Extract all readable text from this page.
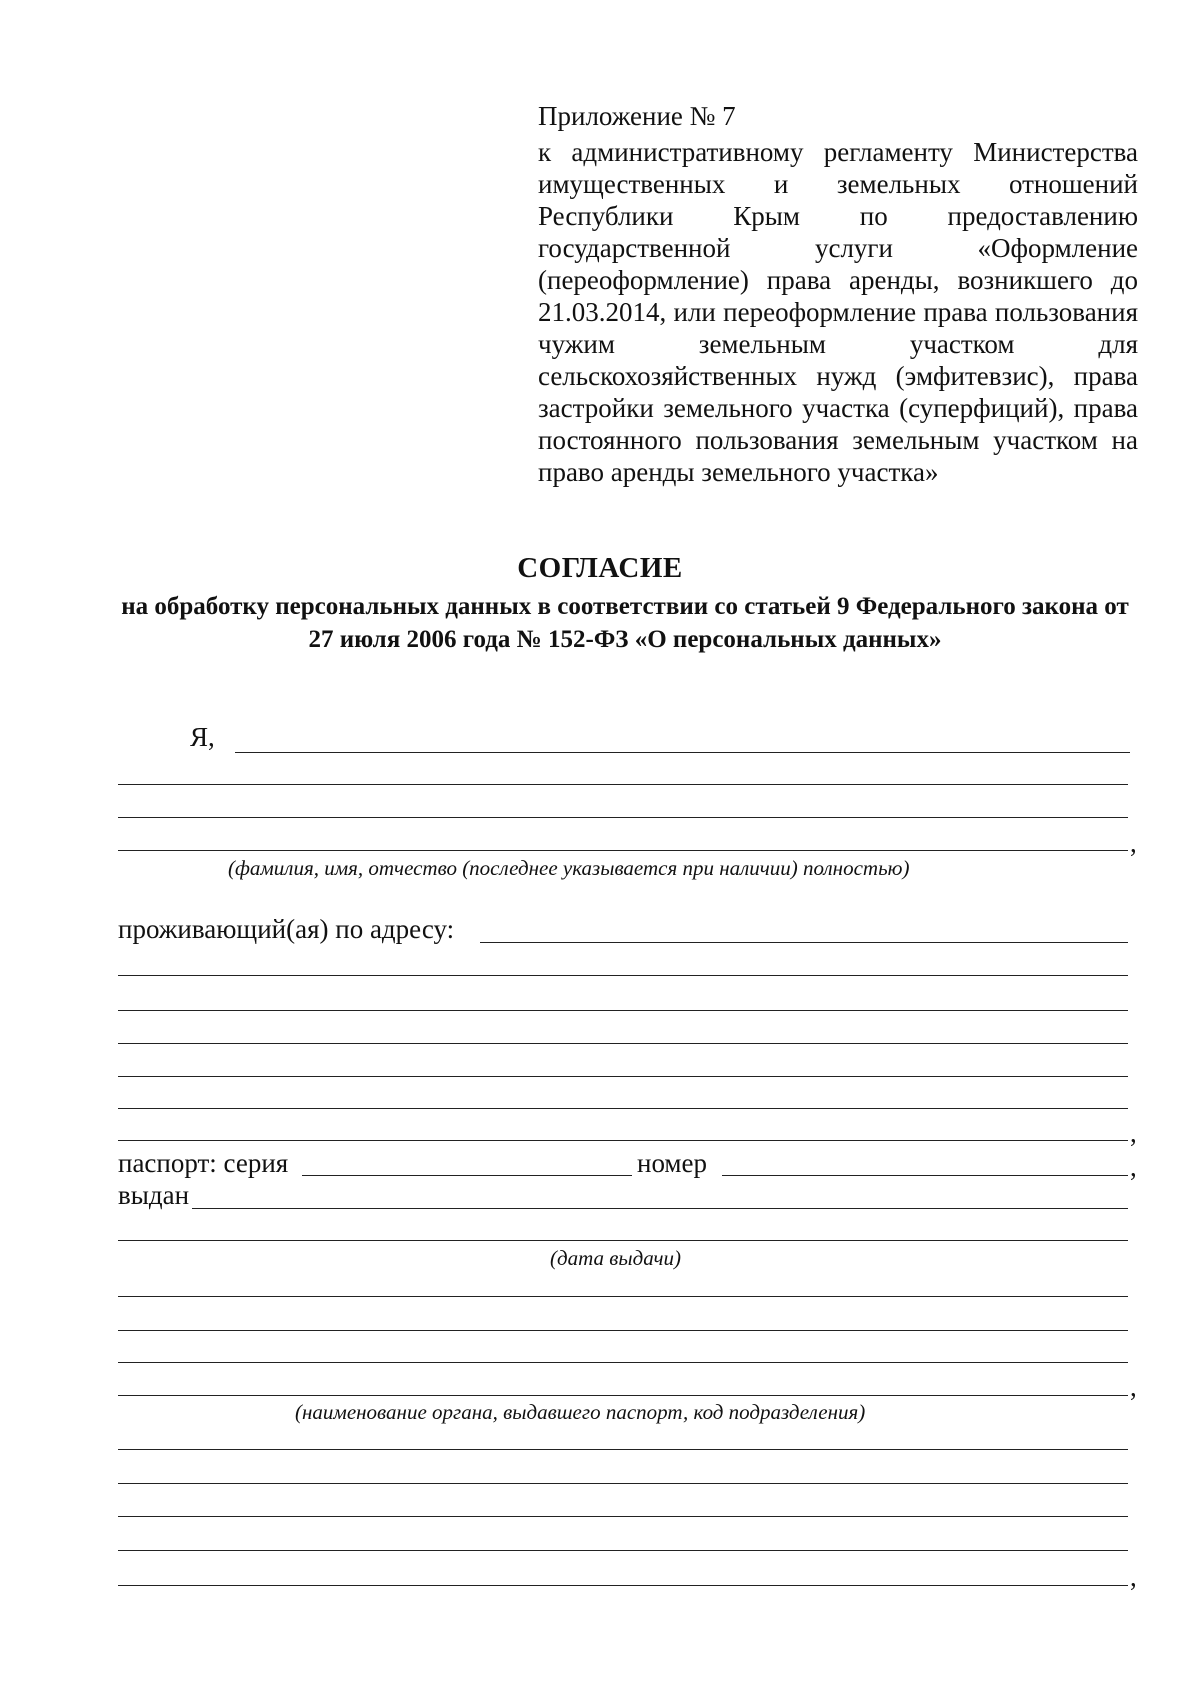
Приложение № 7
к административному регламенту Министерства имущественных и земельных отношений Республики Крым по предоставлению государственной услуги «Оформление (переоформление) права аренды, возникшего до 21.03.2014, или переоформление права пользования чужим земельным участком для сельскохозяйственных нужд (эмфитевзис), права застройки земельного участка (суперфиций), права постоянного пользования земельным участком на право аренды земельного участка»
СОГЛАСИЕ
на обработку персональных данных в соответствии со статьей 9 Федерального закона от 27 июля 2006 года № 152-ФЗ «О персональных данных»
Я,
,
(фамилия, имя, отчество (последнее указывается при наличии) полностью)
проживающий(ая) по адресу:
,
паспорт: серия	номер	,
выдан
(дата выдачи)
,
(наименование органа, выдавшего паспорт, код подразделения)
,
